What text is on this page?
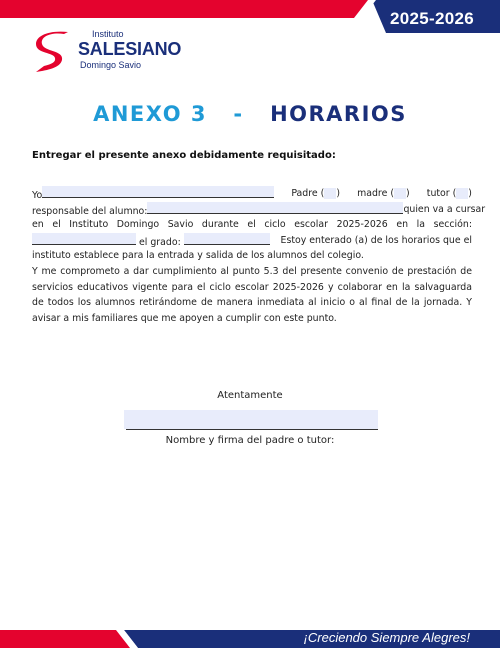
2025-2026
Instituto
SALESIANO
Domingo Savio
ANEXO 3 - HORARIOS
Entregar el presente anexo debidamente requisitado:
Yo	Padre ( ) madre ( ) tutor ( )
responsable del alumno:	quien va a cursar
en el Instituto Domingo Savio durante el ciclo escolar 2025-2026 en la sección:
el grado:	Estoy enterado (a) de los horarios que el
instituto establece para la entrada y salida de los alumnos del colegio.
Y me comprometo a dar cumplimiento al punto 5.3 del presente convenio de prestación de servicios educativos vigente para el ciclo escolar 2025-2026 y colaborar en la salvaguarda de todos los alumnos retirándome de manera inmediata al inicio o al final de la jornada. Y avisar a mis familiares que me apoyen a cumplir con este punto.
Atentamente
Nombre y firma del padre o tutor:
¡Creciendo Siempre Alegres!
